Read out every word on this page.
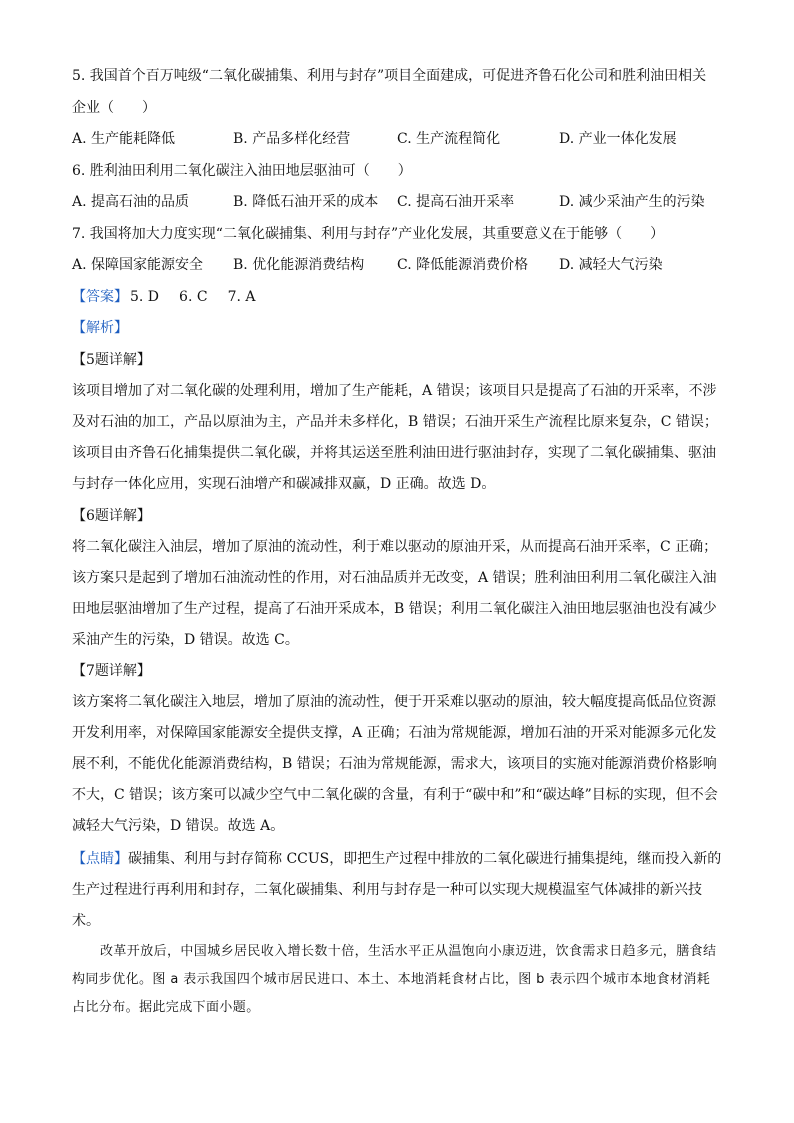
5. 我国首个百万吨级“二氧化碳捕集、利用与封存”项目全面建成，可促进齐鲁石化公司和胜利油田相关
企业（　　）
A. 生产能耗降低	B. 产品多样化经营	C. 生产流程简化	D. 产业一体化发展
6. 胜利油田利用二氧化碳注入油田地层驱油可（　　）
A. 提高石油的品质	B. 降低石油开采的成本 C. 提高石油开采率	D. 减少采油产生的污染
7. 我国将加大力度实现“二氧化碳捕集、利用与封存”产业化发展，其重要意义在于能够（　　）
A. 保障国家能源安全 B. 优化能源消费结构 C. 降低能源消费价格 D. 减轻大气污染
【答案】 5. D 6. C 7. A
【解析】
【5题详解】
该项目增加了对二氧化碳的处理利用，增加了生产能耗，A 错误；该项目只是提高了石油的开采率，不涉
及对石油的加工，产品以原油为主，产品并未多样化，B 错误；石油开采生产流程比原来复杂，C 错误；
该项目由齐鲁石化捕集提供二氧化碳，并将其运送至胜利油田进行驱油封存，实现了二氧化碳捕集、驱油
与封存一体化应用，实现石油增产和碳减排双赢，D 正确。故选 D。
【6题详解】
将二氧化碳注入油层，增加了原油的流动性，利于难以驱动的原油开采，从而提高石油开采率，C 正确；
该方案只是起到了增加石油流动性的作用，对石油品质并无改变，A 错误；胜利油田利用二氧化碳注入油
田地层驱油增加了生产过程，提高了石油开采成本，B 错误；利用二氧化碳注入油田地层驱油也没有减少
采油产生的污染，D 错误。故选 C。
【7题详解】
该方案将二氧化碳注入地层，增加了原油的流动性，便于开采难以驱动的原油，较大幅度提高低品位资源
开发利用率，对保障国家能源安全提供支撑，A 正确；石油为常规能源，增加石油的开采对能源多元化发
展不利，不能优化能源消费结构，B 错误；石油为常规能源，需求大，该项目的实施对能源消费价格影响
不大，C 错误；该方案可以减少空气中二氧化碳的含量，有利于“碳中和”和“碳达峰”目标的实现，但不会
减轻大气污染，D 错误。故选 A。
【点睛】碳捕集、利用与封存简称 CCUS，即把生产过程中排放的二氧化碳进行捕集提纯，继而投入新的
生产过程进行再利用和封存，二氧化碳捕集、利用与封存是一种可以实现大规模温室气体减排的新兴技
术。
改革开放后，中国城乡居民收入增长数十倍，生活水平正从温饱向小康迈进，饮食需求日趋多元，膳食结构同步优化。图 a 表示我国四个城市居民进口、本土、本地消耗食材占比，图 b 表示四个城市本地食材消耗占比分布。据此完成下面小题。
